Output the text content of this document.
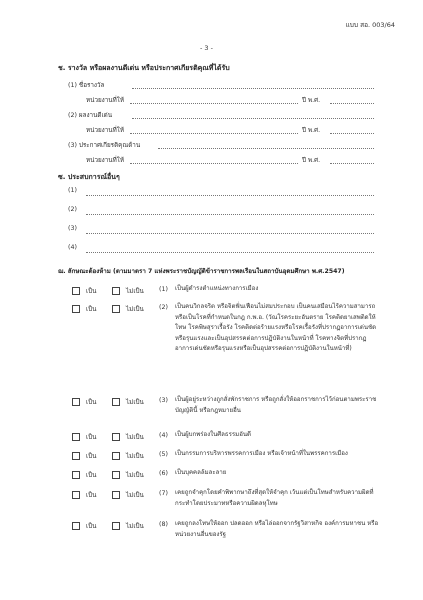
แบบ สอ. 003/64
- 3 -
ช. รางวัล หรือผลงานดีเด่น หรือประกาศเกียรติคุณที่ได้รับ
(1) ชื่อรางวัล
หน่วยงานที่ให้	ปี พ.ศ.
(2) ผลงานดีเด่น
หน่วยงานที่ให้	ปี พ.ศ.
(3) ประกาศเกียรติคุณด้าน
หน่วยงานที่ให้	ปี พ.ศ.
ซ. ประสบการณ์อื่นๆ
(1)
(2)
(3)
(4)
ฌ. ลักษณะต้องห้าม (ตามมาตรา 7 แห่งพระราชบัญญัติข้าราชการพลเรือนในสถาบันอุดมศึกษา พ.ศ.2547)
เป็น	ไม่เป็น (1) เป็นผู้ดำรงตำแหน่งทางการเมือง
เป็น	ไม่เป็น (2) เป็นคนวิกลจริต หรือจิตฟั่นเฟือนไม่สมประกอบ เป็นคนเสมือนไร้ความสามารถหรือเป็นโรคที่กำหนดในกฎ ก.พ.อ. (วัณโรคระยะอันตราย โรคติดยาเสพติดให้โทษ โรคพิษสุราเรื้อรัง โรคติดต่อร้ายแรงหรือโรคเรื้อรังที่ปรากฏอาการเด่นชัดหรือรุนแรงและเป็นอุปสรรคต่อการปฏิบัติงานในหน้าที่ โรคทางจิตที่ปรากฏอาการเด่นชัดหรือรุนแรงหรือเป็นอุปสรรคต่อการปฏิบัติงานในหน้าที่)
เป็น	ไม่เป็น (3) เป็นผู้อยู่ระหว่างถูกสั่งพักราชการ หรือถูกสั่งให้ออกราชการไว้ก่อนตามพระราชบัญญัตินี้ หรือกฎหมายอื่น
เป็น	ไม่เป็น (4) เป็นผู้บกพร่องในศีลธรรมอันดี
เป็น	ไม่เป็น (5) เป็นกรรมการบริหารพรรคการเมือง หรือเจ้าหน้าที่ในพรรคการเมือง
เป็น	ไม่เป็น (6) เป็นบุคคลล้มละลาย
เป็น	ไม่เป็น (7) เคยถูกจำคุกโดยคำพิพากษาถึงที่สุดให้จำคุก เว้นแต่เป็นโทษสำหรับความผิดที่กระทำโดยประมาทหรือความผิดลหุโทษ
เป็น	ไม่เป็น (8) เคยถูกลงโทษให้ออก ปลดออก หรือไล่ออกจากรัฐวิสาหกิจ องค์การมหาชน หรือหน่วยงานอื่นของรัฐ
